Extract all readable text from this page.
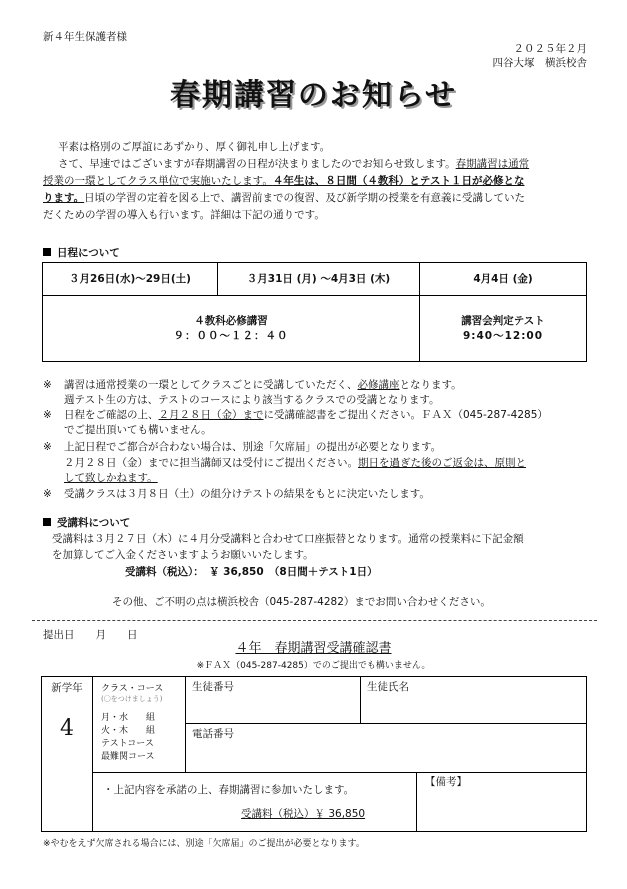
新４年生保護者様
２０２５年２月
四谷大塚　横浜校舎
春期講習のお知らせ
平素は格別のご厚誼にあずかり、厚く御礼申し上げます。
さて、早速ではございますが春期講習の日程が決まりましたのでお知らせ致します。春期講習は通常
授業の一環としてクラス単位で実施いたします。４年生は、８日間（４教科）とテスト１日が必修とな
ります。日頃の学習の定着を図る上で、講習前までの復習、及び新学期の授業を有意義に受講していた
だくための学習の導入も行います。詳細は下記の通りです。
日程について
３月26日(水)～29日(土)	３月31日 (月) ～4月3日 (木)	4月4日 (金)
４教科必修講習
９：００～１２：４０
講習会判定テスト
9:40～12:00
※ 講習は通常授業の一環としてクラスごとに受講していただく、必修講座となります。
週テスト生の方は、テストのコースにより該当するクラスでの受講となります。
※ 日程をご確認の上、２月２８日（金）までに受講確認書をご提出ください。ＦＡＸ（045-287-4285）
でご提出頂いても構いません。
※ 上記日程でご都合が合わない場合は、別途「欠席届」の提出が必要となります。
２月２８日（金）までに担当講師又は受付にご提出ください。期日を過ぎた後のご返金は、原則と
して致しかねます。
※ 受講クラスは３月８日（土）の組分けテストの結果をもとに決定いたします。
受講料について
受講料は３月２７日（木）に４月分受講料と合わせて口座振替となります。通常の授業料に下記金額
を加算してご入金くださいますようお願いいたします。
受講料（税込）：　￥ 36,850　（8日間＋テスト1日）
その他、ご不明の点は横浜校舎（045-287-4282）までお問い合わせください。
提出日　　月　　日
４年　春期講習受講確認書
※ＦＡＸ（045-287-4285）でのご提出でも構いません。
新学年
4
クラス・コース
(〇をつけましょう)
月・水　　組
火・木　　組
テストコース
最難関コース
生徒番号	生徒氏名
電話番号
・上記内容を承諾の上、春期講習に参加いたします。
受講料（税込）￥ 36,850
【備考】
※やむをえず欠席される場合には、別途「欠席届」のご提出が必要となります。
